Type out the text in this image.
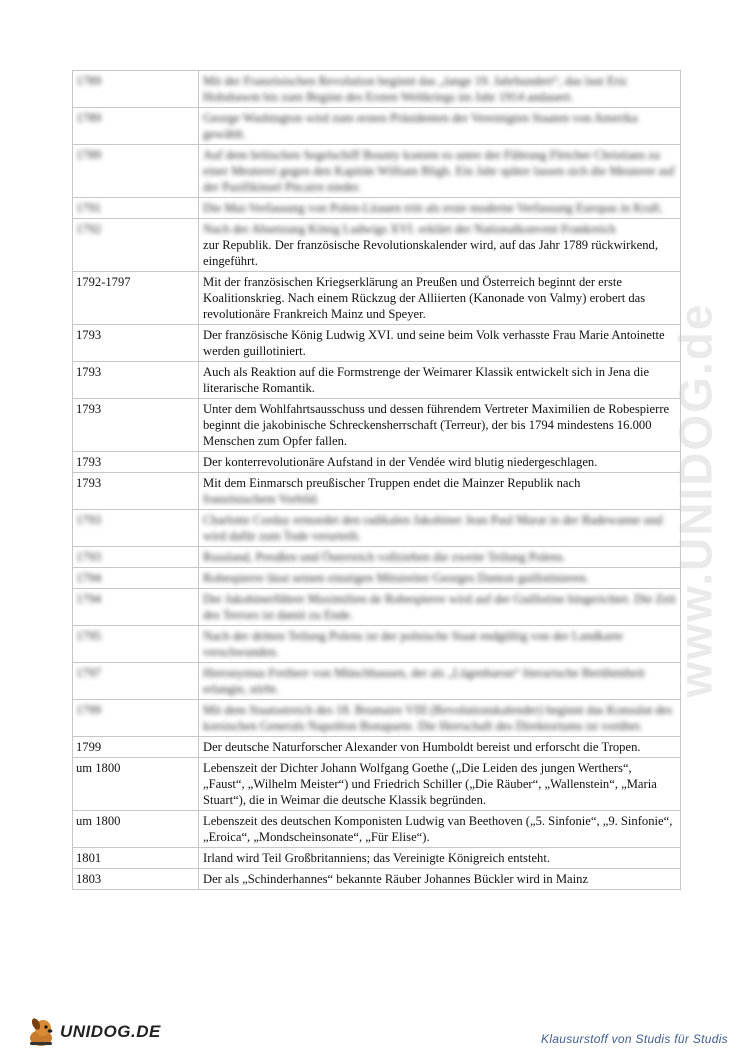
www.UNIDOG.de
1789	Mit der Französischen Revolution beginnt das „lange 19. Jahrhundert“, das laut Eric Hobsbawm bis zum Beginn des Ersten Weltkriegs im Jahr 1914 andauert.
1789	George Washington wird zum ersten Präsidenten der Vereinigten Staaten von Amerika gewählt.
1789	Auf dem britischen Segelschiff Bounty kommt es unter der Führung Fletcher Christians zu einer Meuterei gegen den Kapitän William Bligh. Ein Jahr später lassen sich die Meuterer auf der Pazifikinsel Pitcairn nieder.
1791	Die Mai-Verfassung von Polen-Litauen tritt als erste moderne Verfassung Europas in Kraft.
1792	Nach der Absetzung König Ludwigs XVI. erklärt der Nationalkonvent Frankreich
zur Republik. Der französische Revolutionskalender wird, auf das Jahr 1789 rückwirkend, eingeführt.

1792-1797	Mit der französischen Kriegserklärung an Preußen und Österreich beginnt der erste Koalitionskrieg. Nach einem Rückzug der Alliierten (Kanonade von Valmy) erobert das revolutionäre Frankreich Mainz und Speyer.
1793	Der französische König Ludwig XVI. und seine beim Volk verhasste Frau Marie Antoinette werden guillotiniert.
1793	Auch als Reaktion auf die Formstrenge der Weimarer Klassik entwickelt sich in Jena die literarische Romantik.
1793	Unter dem Wohlfahrtsausschuss und dessen führendem Vertreter Maximilien de Robespierre beginnt die jakobinische Schreckensherrschaft (Terreur), der bis 1794 mindestens 16.000 Menschen zum Opfer fallen.
1793	Der konterrevolutionäre Aufstand in der Vendée wird blutig niedergeschlagen.
1793	Mit dem Einmarsch preußischer Truppen endet die Mainzer Republik nach
französischem Vorbild.

1793	Charlotte Corday ermordet den radikalen Jakobiner Jean Paul Marat in der Badewanne und wird dafür zum Tode verurteilt.
1793	Russland, Preußen und Österreich vollziehen die zweite Teilung Polens.
1794	Robespierre lässt seinen einstigen Mitstreiter Georges Danton guillotinieren.
1794	Der Jakobinerführer Maximilien de Robespierre wird auf der Guillotine hingerichtet. Die Zeit des Terrors ist damit zu Ende.
1795	Nach der dritten Teilung Polens ist der polnische Staat endgültig von der Landkarte verschwunden.
1797	Hieronymus Freiherr von Münchhausen, der als „Lügenbaron“ literarische Berühmtheit erlangte, stirbt.
1799	Mit dem Staatsstreich des 18. Brumaire VIII (Revolutionskalender) beginnt das Konsulat des korsischen Generals Napoléon Bonaparte. Die Herrschaft des Direktoriums ist vorüber.
1799	Der deutsche Naturforscher Alexander von Humboldt bereist und erforscht die Tropen.
um 1800	Lebenszeit der Dichter Johann Wolfgang Goethe („Die Leiden des jungen Werthers“, „Faust“, „Wilhelm Meister“) und Friedrich Schiller („Die Räuber“, „Wallenstein“, „Maria Stuart“), die in Weimar die deutsche Klassik begründen.
um 1800	Lebenszeit des deutschen Komponisten Ludwig van Beethoven („5. Sinfonie“, „9. Sinfonie“, „Eroica“, „Mondscheinsonate“, „Für Elise“).
1801	Irland wird Teil Großbritanniens; das Vereinigte Königreich entsteht.
1803	Der als „Schinderhannes“ bekannte Räuber Johannes Bückler wird in Mainz
UNIDOG.DE	Klausurstoff von Studis für Studis
